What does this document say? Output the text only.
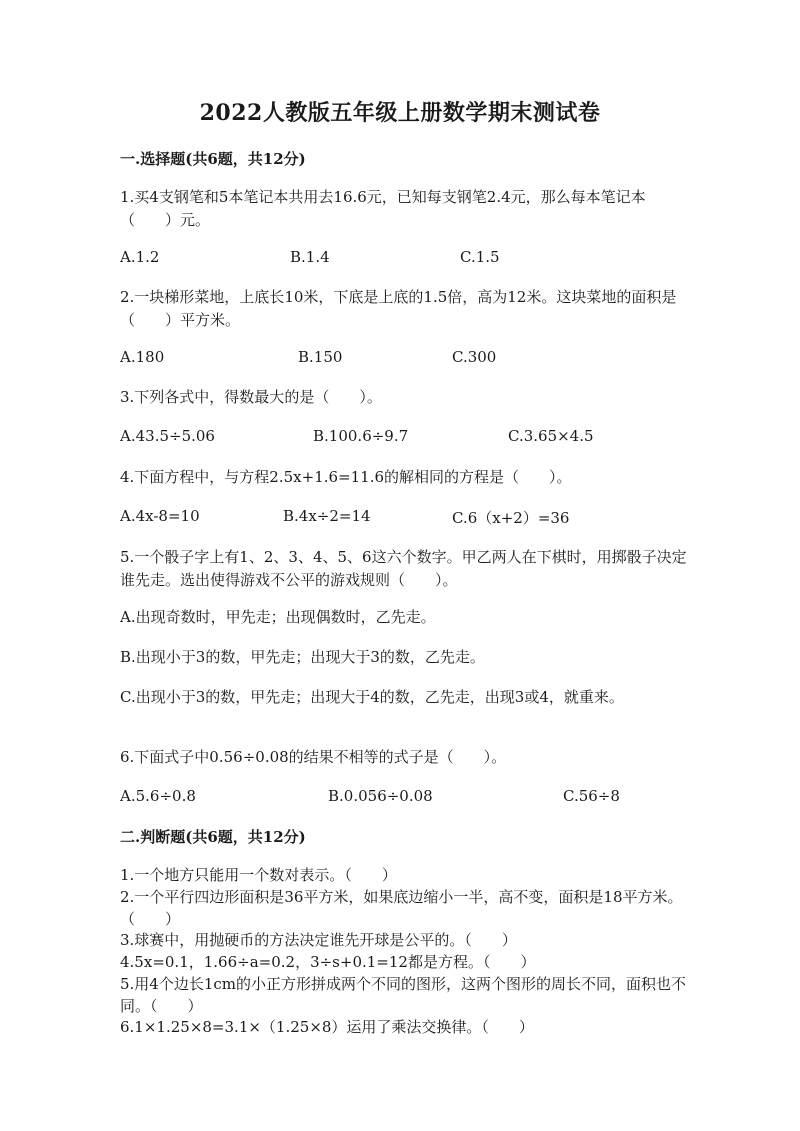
2022人教版五年级上册数学期末测试卷
一.选择题(共6题，共12分)
1.买4支钢笔和5本笔记本共用去16.6元，已知每支钢笔2.4元，那么每本笔记本（　　）元。
A.1.2	B.1.4	C.1.5
2.一块梯形菜地，上底长10米，下底是上底的1.5倍，高为12米。这块菜地的面积是（　　）平方米。
A.180	B.150	C.300
3.下列各式中，得数最大的是（　　）。
A.43.5÷5.06	B.100.6÷9.7	C.3.65×4.5
4.下面方程中，与方程2.5x+1.6=11.6的解相同的方程是（　　）。
A.4x-8=10	B.4x÷2=14	C.6（x+2）=36
5.一个骰子字上有1、2、3、4、5、6这六个数字。甲乙两人在下棋时，用掷骰子决定谁先走。选出使得游戏不公平的游戏规则（　　）。
A.出现奇数时，甲先走；出现偶数时，乙先走。
B.出现小于3的数，甲先走；出现大于3的数，乙先走。
C.出现小于3的数，甲先走；出现大于4的数，乙先走，出现3或4，就重来。
6.下面式子中0.56÷0.08的结果不相等的式子是（　　）。
A.5.6÷0.8	B.0.056÷0.08	C.56÷8
二.判断题(共6题，共12分)
1.一个地方只能用一个数对表示。（　　）
2.一个平行四边形面积是36平方米，如果底边缩小一半，高不变，面积是18平方米。（　　）
3.球赛中，用抛硬币的方法决定谁先开球是公平的。（　　）
4.5x=0.1，1.66÷a=0.2，3÷s+0.1=12都是方程。（　　）
5.用4个边长1cm的小正方形拼成两个不同的图形，这两个图形的周长不同，面积也不同。（　　）
6.1×1.25×8=3.1×（1.25×8）运用了乘法交换律。（　　）
